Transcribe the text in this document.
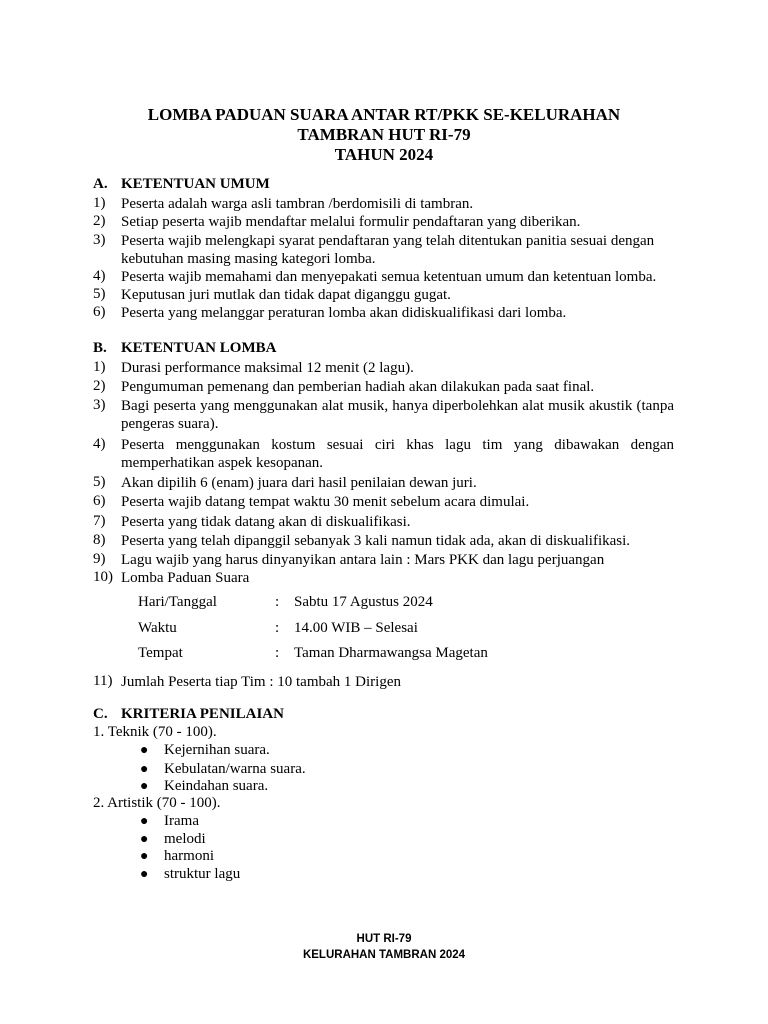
LOMBA PADUAN SUARA ANTAR RT/PKK SE-KELURAHAN
TAMBRAN HUT RI-79
TAHUN 2024
A. KETENTUAN UMUM
1)	Peserta adalah warga asli tambran /berdomisili di tambran.
2)	Setiap peserta wajib mendaftar melalui formulir pendaftaran yang diberikan.
3)	Peserta wajib melengkapi syarat pendaftaran yang telah ditentukan panitia sesuai dengan kebutuhan masing masing kategori lomba.
4)	Peserta wajib memahami dan menyepakati semua ketentuan umum dan ketentuan lomba.
5)	Keputusan juri mutlak dan tidak dapat diganggu gugat.
6)	Peserta yang melanggar peraturan lomba akan didiskualifikasi dari lomba.
B. KETENTUAN LOMBA
1)	Durasi performance maksimal 12 menit (2 lagu).
2)	Pengumuman pemenang dan pemberian hadiah akan dilakukan pada saat final.
3)	Bagi peserta yang menggunakan alat musik, hanya diperbolehkan alat musik akustik (tanpa pengeras suara).
4)	Peserta menggunakan kostum sesuai ciri khas lagu tim yang dibawakan dengan memperhatikan aspek kesopanan.
5)	Akan dipilih 6 (enam) juara dari hasil penilaian dewan juri.
6)	Peserta wajib datang tempat waktu 30 menit sebelum acara dimulai.
7)	Peserta yang tidak datang akan di diskualifikasi.
8)	Peserta yang telah dipanggil sebanyak 3 kali namun tidak ada, akan di diskualifikasi.
9)	Lagu wajib yang harus dinyanyikan antara lain : Mars PKK dan lagu perjuangan
10) Lomba Paduan Suara
Hari/Tanggal	: Sabtu 17 Agustus 2024
Waktu	: 14.00 WIB – Selesai
Tempat	: Taman Dharmawangsa Magetan
11) Jumlah Peserta tiap Tim : 10 tambah 1 Dirigen
C. KRITERIA PENILAIAN
1. Teknik (70 - 100).
● Kejernihan suara.
● Kebulatan/warna suara.
● Keindahan suara.
2. Artistik (70 - 100).
● Irama
● melodi
● harmoni
● struktur lagu
HUT RI-79
KELURAHAN TAMBRAN 2024
